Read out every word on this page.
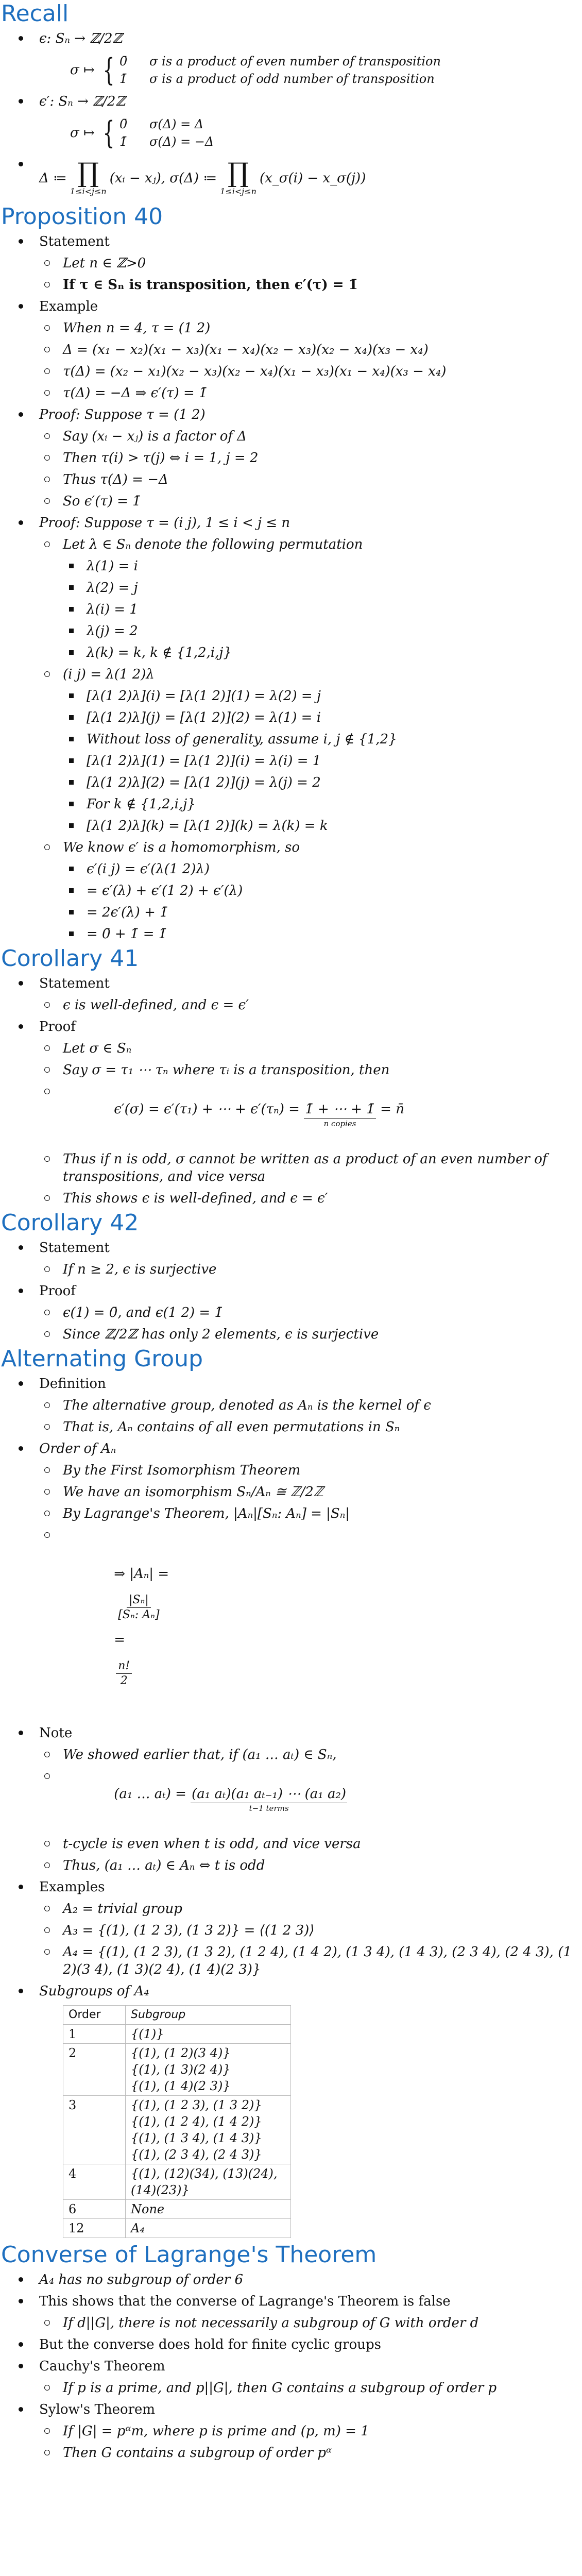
Recall
ϵ: Sₙ → ℤ/2ℤ
σ ↦ { 0̄	σ is a product of even number of transposition
1̄	σ is a product of odd number of transposition
ϵ′: Sₙ → ℤ/2ℤ
σ ↦ { 0̄	σ(Δ) = Δ
1̄	σ(Δ) = −Δ
Δ ≔ ∏
1≤i<j≤n
(xᵢ − xⱼ), σ(Δ) ≔ ∏
1≤i<j≤n
(x_σ(i) − x_σ(j))
Proposition 40
Statement
Let n ∈ ℤ>0
If τ ∈ Sₙ is transposition, then ϵ′(τ) = 1̄
Example
When n = 4, τ = (1 2)
Δ = (x₁ − x₂)(x₁ − x₃)(x₁ − x₄)(x₂ − x₃)(x₂ − x₄)(x₃ − x₄)
τ(Δ) = (x₂ − x₁)(x₂ − x₃)(x₂ − x₄)(x₁ − x₃)(x₁ − x₄)(x₃ − x₄)
τ(Δ) = −Δ ⇒ ϵ′(τ) = 1̄
Proof: Suppose τ = (1 2)
Say (xᵢ − xⱼ) is a factor of Δ
Then τ(i) > τ(j) ⇔ i = 1, j = 2
Thus τ(Δ) = −Δ
So ϵ′(τ) = 1̄
Proof: Suppose τ = (i j), 1 ≤ i < j ≤ n
Let λ ∈ Sₙ denote the following permutation
λ(1) = i
λ(2) = j
λ(i) = 1
λ(j) = 2
λ(k) = k, k ∉ {1,2,i,j}
(i j) = λ(1 2)λ
[λ(1 2)λ](i) = [λ(1 2)](1) = λ(2) = j
[λ(1 2)λ](j) = [λ(1 2)](2) = λ(1) = i
Without loss of generality, assume i, j ∉ {1,2}
[λ(1 2)λ](1) = [λ(1 2)](i) = λ(i) = 1
[λ(1 2)λ](2) = [λ(1 2)](j) = λ(j) = 2
For k ∉ {1,2,i,j}
[λ(1 2)λ](k) = [λ(1 2)](k) = λ(k) = k
We know ϵ′ is a homomorphism, so
ϵ′(i j) = ϵ′(λ(1 2)λ)
= ϵ′(λ) + ϵ′(1 2) + ϵ′(λ)
= 2ϵ′(λ) + 1̄
= 0̄ + 1̄ = 1̄
Corollary 41
Statement
ϵ is well-defined, and ϵ = ϵ′
Proof
Let σ ∈ Sₙ
Say σ = τ₁ ⋯ τₙ where τᵢ is a transposition, then

ϵ′(σ) = ϵ′(τ₁) + ⋯ + ϵ′(τₙ) = 1̄ + ⋯ + 1̄
n copies
= n̄

Thus if n is odd, σ cannot be written as a product of an even number of transpositions, and vice versa
This shows ϵ is well-defined, and ϵ = ϵ′
Corollary 42
Statement
If n ≥ 2, ϵ is surjective
Proof
ϵ(1) = 0̄, and ϵ(1 2) = 1̄
Since ℤ/2ℤ has only 2 elements, ϵ is surjective
Alternating Group
Definition
The alternative group, denoted as Aₙ is the kernel of ϵ
That is, Aₙ contains of all even permutations in Sₙ
Order of Aₙ
By the First Isomorphism Theorem
We have an isomorphism Sₙ/Aₙ ≅ ℤ/2ℤ
By Lagrange's Theorem, |Aₙ|[Sₙ: Aₙ] = |Sₙ|

⇒ |Aₙ| =

$\frac{\text{|Sₙ|}}{\text{[Sₙ: Aₙ]}}$

=

$\frac{n!}{2}$

Note
We showed earlier that, if (a₁ … aₜ) ∈ Sₙ,

(a₁ … aₜ) = (a₁ aₜ)(a₁ aₜ₋₁) ⋯ (a₁ a₂)
t−1 terms

t-cycle is even when t is odd, and vice versa
Thus, (a₁ … aₜ) ∈ Aₙ ⇔ t is odd
Examples
A₂ = trivial group
A₃ = {(1), (1 2 3), (1 3 2)} = ⟨(1 2 3)⟩
A₄ = {(1), (1 2 3), (1 3 2), (1 2 4), (1 4 2), (1 3 4), (1 4 3), (2 3 4), (2 4 3), (1 2)(3 4), (1 3)(2 4), (1 4)(2 3)}
Subgroups of A₄
Order	Subgroup
1	{(1)}

2	{(1), (1 2)(3 4)}
{(1), (1 3)(2 4)}
{(1), (1 4)(2 3)}

3	{(1), (1 2 3), (1 3 2)}
{(1), (1 2 4), (1 4 2)}
{(1), (1 3 4), (1 4 3)}
{(1), (2 3 4), (2 4 3)}

4	{(1), (12)(34), (13)(24), (14)(23)}

6	None

12	A₄
Converse of Lagrange's Theorem
A₄ has no subgroup of order 6
This shows that the converse of Lagrange's Theorem is false
If d||G|, there is not necessarily a subgroup of G with order d
But the converse does hold for finite cyclic groups
Cauchy's Theorem
If p is a prime, and p||G|, then G contains a subgroup of order p
Sylow's Theorem
If |G| = pᵅm, where p is prime and (p, m) = 1
Then G contains a subgroup of order pᵅ
